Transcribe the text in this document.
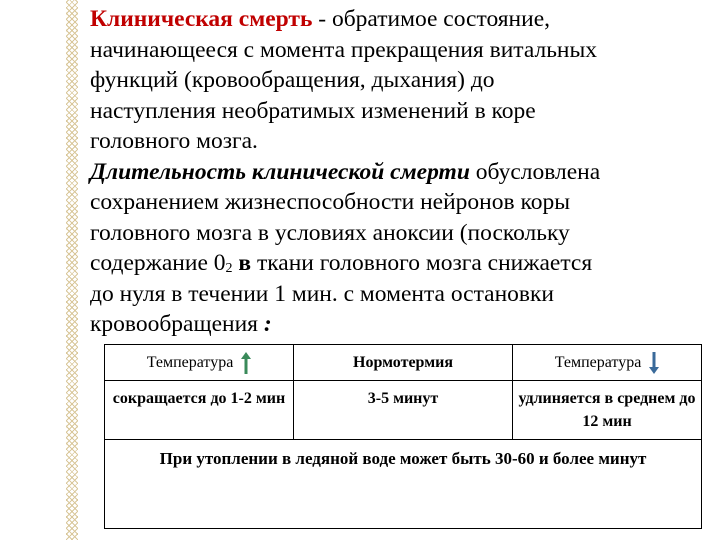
Клиническая смерть - обратимое состояние,
начинающееся с момента прекращения витальных
функций (кровообращения, дыхания) до
наступления необратимых изменений в коре
головного мозга.
Длительность клинической смерти обусловлена
сохранением жизнеспособности нейронов коры
головного мозга в условиях аноксии (поскольку
содержание $0_2$ в ткани головного мозга снижается
до нуля в течении 1 мин. с момента остановки
кровообращения :
Температура	Нормотермия	Температура
сокращается до 1-2 мин	3-5 минут	удлиняется в среднем до 12 мин
При утоплении в ледяной воде может быть 30-60 и более минут		
